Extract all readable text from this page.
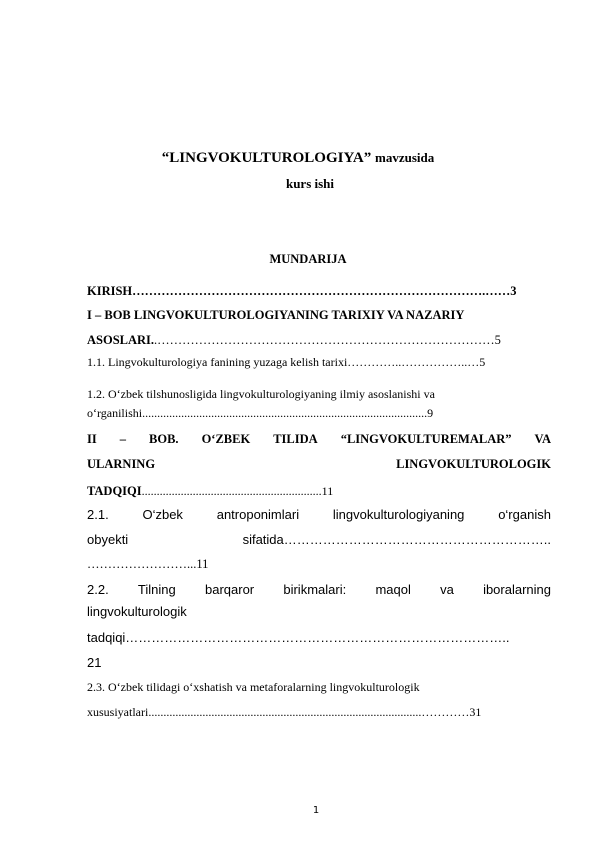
“LINGVOKULTUROLOGIYA” mavzusida
kurs ishi
MUNDARIJA
KIRISH………………………………………………………………………….……3
I – BOB LINGVOKULTUROLOGIYANING TARIXIY VA NAZARIY
ASOSLARI..………………………………………………………………………5
1.1. Lingvokulturologiya fanining yuzaga kelish tarixi…………..……………..…5
1.2. O‘zbek tilshunosligida lingvokulturologiyaning ilmiy asoslanishi va
o‘rganilishi...............................................................................................9
II – BOB. O‘ZBEK TILIDA “LINGVOKULTUREMALAR” VA
ULARNING	LINGVOKULTUROLOGIK
TADQIQI............................................................11
2.1.	O‘zbek	antroponimlari	lingvokulturologiyaning	o‘rganish
obyekti	sifatida……………………………………………………..
……………………...11
2.2. Tilning barqaror birikmalari: maqol va iboralarning
lingvokulturologik
tadqiqi……………………………………………………………………………..
21
2.3. O‘zbek tilidagi o‘xshatish va metaforalarning lingvokulturologik
xususiyatlari...........................................................................................…………31
1
